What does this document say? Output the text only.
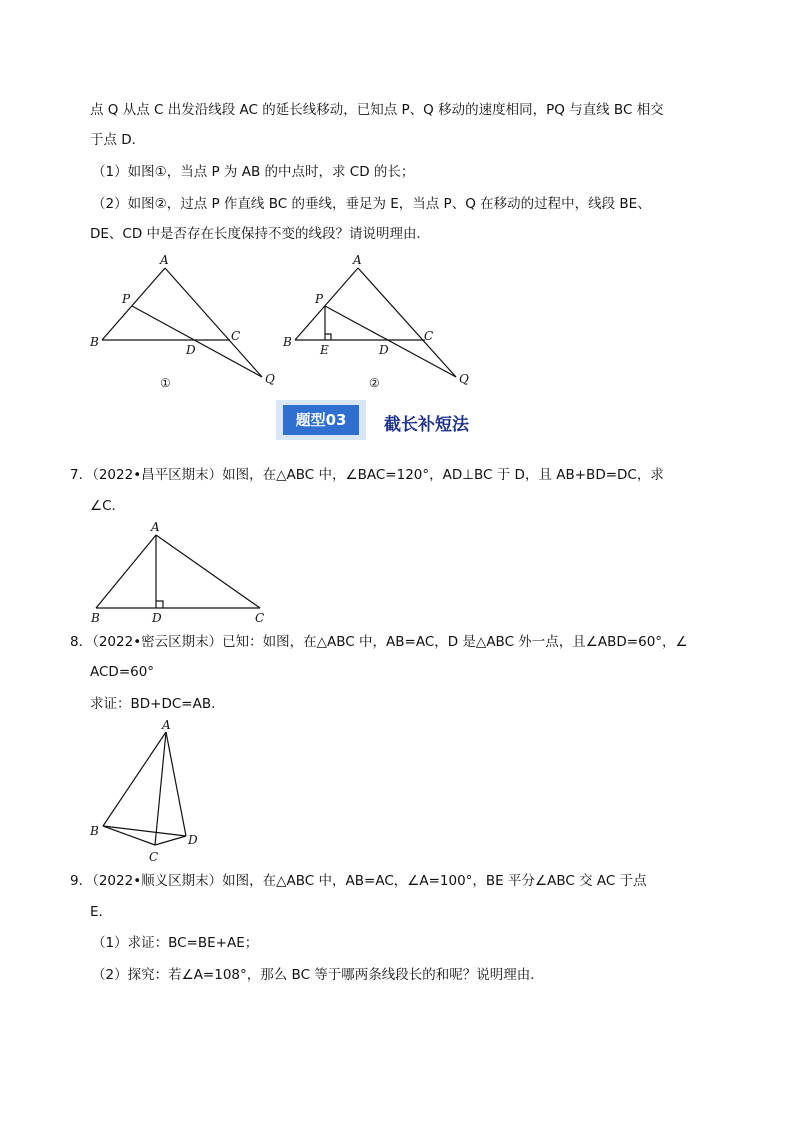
点 Q 从点 C 出发沿线段 AC 的延长线移动，已知点 P、Q 移动的速度相同，PQ 与直线 BC 相交
于点 D．
（1）如图①，当点 P 为 AB 的中点时，求 CD 的长；
（2）如图②，过点 P 作直线 BC 的垂线，垂足为 E，当点 P、Q 在移动的过程中，线段 BE、
DE、CD 中是否存在长度保持不变的线段？请说明理由．
A
P
B
D
C
Q
①
A
P
B
E	D
C
Q
②
题型03	截长补短法
7．（2022•昌平区期末）如图，在△ABC 中，∠BAC=120°，AD⊥BC 于 D，且 AB+BD=DC，求
∠C．
A
B	D	C
8．（2022•密云区期末）已知：如图，在△ABC 中，AB=AC，D 是△ABC 外一点，且∠ABD=60°，∠
ACD=60°
求证：BD+DC=AB．
A
B
C
D
9．（2022•顺义区期末）如图，在△ABC 中，AB=AC，∠A=100°，BE 平分∠ABC 交 AC 于点
E．
（1）求证：BC=BE+AE；
（2）探究：若∠A=108°，那么 BC 等于哪两条线段长的和呢？说明理由．
